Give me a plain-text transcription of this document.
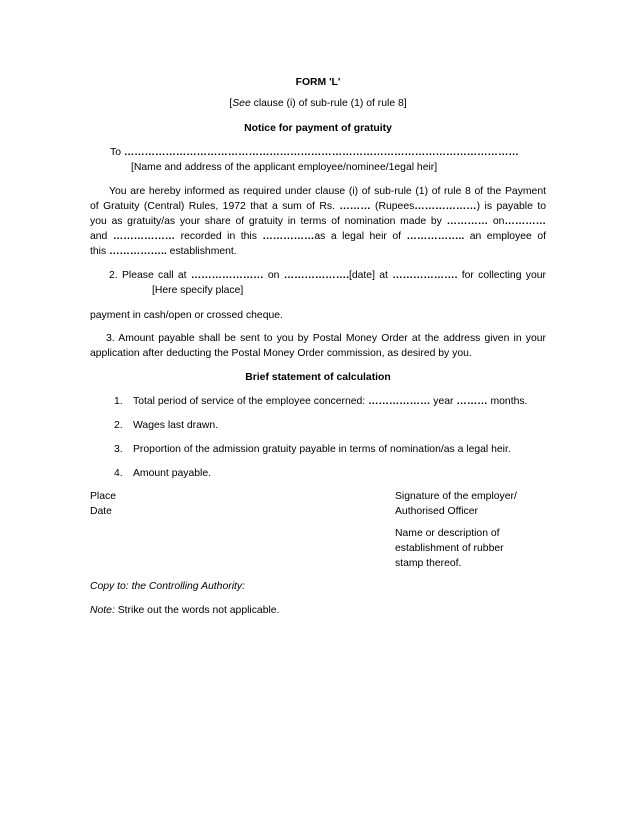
FORM 'L'
[See clause (i) of sub-rule (1) of rule 8]
Notice for payment of gratuity
To ……………………………………………………………………………………………………
[Name and address of the applicant employee/nominee/1egal heir]
You are hereby informed as required under clause (i) of sub-rule (1) of rule 8 of the Payment
of Gratuity (Central) Rules, 1972 that a sum of Rs. ……… (Rupees………………) is payable to
you as gratuity/as your share of gratuity in terms of nomination made by ………… on…………
and ……………… recorded in this ……………as a legal heir of …………….. an employee of
this …………….. establishment.
2. Please call at ………………… on ……………….[date] at ………………. for collecting your
[Here specify place]
payment in cash/open or crossed cheque.
3. Amount payable shall be sent to you by Postal Money Order at the address given in your
application after deducting the Postal Money Order commission, as desired by you.
Brief statement of calculation
1. Total period of service of the employee concerned: ……………… year ……… months.
2. Wages last drawn.
3. Proportion of the admission gratuity payable in terms of nomination/as a legal heir.
4. Amount payable.
Place
Date
Signature of the employer/
Authorised Officer
Name or description of
establishment of rubber
stamp thereof.
Copy to: the Controlling Authority:
Note: Strike out the words not applicable.
